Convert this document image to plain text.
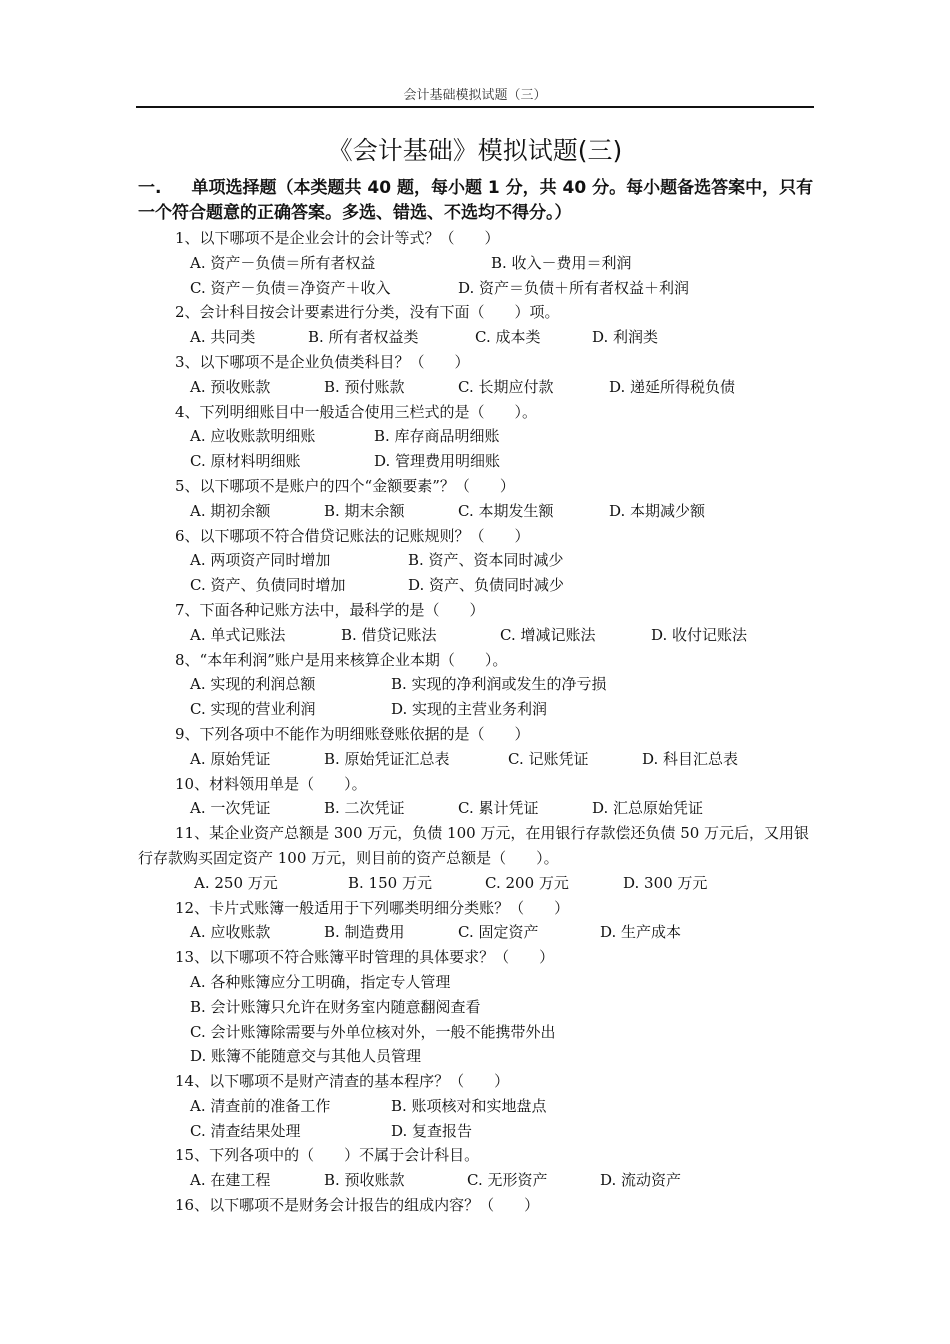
会计基础模拟试题（三）
《会计基础》模拟试题(三)
一. 单项选择题（本类题共 40 题，每小题 1 分，共 40 分。每小题备选答案中，只有一个符合题意的正确答案。多选、错选、不选均不得分。）
1、以下哪项不是企业会计的会计等式？（　　）
A. 资产－负债＝所有者权益	B. 收入－费用＝利润
C. 资产－负债＝净资产＋收入	D. 资产＝负债＋所有者权益＋利润
2、会计科目按会计要素进行分类，没有下面（　　）项。
A. 共同类	B. 所有者权益类	C. 成本类	D. 利润类
3、以下哪项不是企业负债类科目？（　　）
A. 预收账款	B. 预付账款	C. 长期应付款	D. 递延所得税负债
4、下列明细账目中一般适合使用三栏式的是（　　）。
A. 应收账款明细账	B. 库存商品明细账
C. 原材料明细账	D. 管理费用明细账
5、以下哪项不是账户的四个“金额要素”？（　　）
A. 期初余额	B. 期末余额	C. 本期发生额	D. 本期减少额
6、以下哪项不符合借贷记账法的记账规则？（　　）
A. 两项资产同时增加	B. 资产、资本同时减少
C. 资产、负债同时增加	D. 资产、负债同时减少
7、下面各种记账方法中，最科学的是（　　）
A. 单式记账法	B. 借贷记账法	C. 增减记账法	D. 收付记账法
8、“本年利润”账户是用来核算企业本期（　　）。
A. 实现的利润总额	B. 实现的净利润或发生的净亏损
C. 实现的营业利润	D. 实现的主营业务利润
9、下列各项中不能作为明细账登账依据的是（　　）
A. 原始凭证	B. 原始凭证汇总表	C. 记账凭证	D. 科目汇总表
10、材料领用单是（　　）。
A. 一次凭证	B. 二次凭证	C. 累计凭证	D. 汇总原始凭证
11、某企业资产总额是 300 万元，负债 100 万元，在用银行存款偿还负债 50 万元后，又用银行存款购买固定资产 100 万元，则目前的资产总额是（　　）。
A. 250 万元	B. 150 万元	C. 200 万元	D. 300 万元
12、卡片式账簿一般适用于下列哪类明细分类账？（　　）
A. 应收账款	B. 制造费用	C. 固定资产	D. 生产成本
13、以下哪项不符合账簿平时管理的具体要求？（　　）
A. 各种账簿应分工明确，指定专人管理
B. 会计账簿只允许在财务室内随意翻阅查看
C. 会计账簿除需要与外单位核对外，一般不能携带外出
D. 账簿不能随意交与其他人员管理
14、以下哪项不是财产清查的基本程序？（　　）
A. 清查前的准备工作	B. 账项核对和实地盘点
C. 清查结果处理	D. 复查报告
15、下列各项中的（　　）不属于会计科目。
A. 在建工程	B. 预收账款	C. 无形资产	D. 流动资产
16、以下哪项不是财务会计报告的组成内容？（　　）
